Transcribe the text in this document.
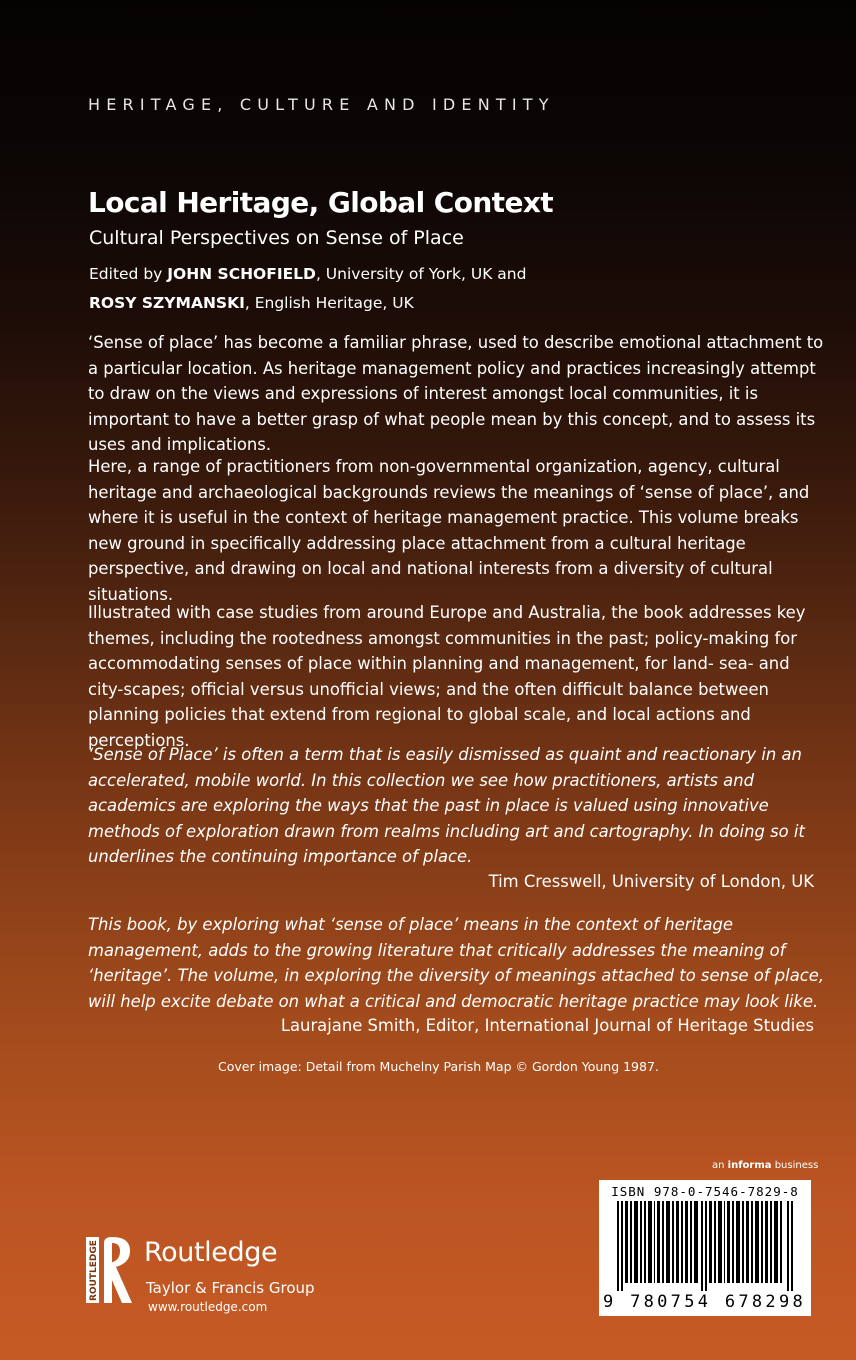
HERITAGE, CULTURE AND IDENTITY
Local Heritage, Global Context
Cultural Perspectives on Sense of Place
Edited by JOHN SCHOFIELD, University of York, UK and
ROSY SZYMANSKI, English Heritage, UK

‘Sense of place’ has become a familiar phrase, used to describe emotional attachment to a particular location. As heritage management policy and practices increasingly attempt to draw on the views and expressions of interest amongst local communities, it is important to have a better grasp of what people mean by this concept, and to assess its uses and implications.

Here, a range of practitioners from non-governmental organization, agency, cultural heritage and archaeological backgrounds reviews the meanings of ‘sense of place’, and where it is useful in the context of heritage management practice. This volume breaks new ground in specifically addressing place attachment from a cultural heritage perspective, and drawing on local and national interests from a diversity of cultural situations.

Illustrated with case studies from around Europe and Australia, the book addresses key themes, including the rootedness amongst communities in the past; policy-making for accommodating senses of place within planning and management, for land- sea- and city-scapes; official versus unofficial views; and the often difficult balance between planning policies that extend from regional to global scale, and local actions and perceptions.

‘Sense of Place’ is often a term that is easily dismissed as quaint and reactionary in an accelerated, mobile world. In this collection we see how practitioners, artists and academics are exploring the ways that the past in place is valued using innovative methods of exploration drawn from realms including art and cartography. In doing so it underlines the continuing importance of place.

Tim Cresswell, University of London, UK

This book, by exploring what ‘sense of place’ means in the context of heritage management, adds to the growing literature that critically addresses the meaning of ‘heritage’. The volume, in exploring the diversity of meanings attached to sense of place, will help excite debate on what a critical and democratic heritage practice may look like.

Laurajane Smith, Editor, International Journal of Heritage Studies
Cover image: Detail from Muchelny Parish Map © Gordon Young 1987.
an informa business
ISBN 978-0-7546-7829-8
9 780754 678298
ROUTLEDGE Routledge
Taylor & Francis Group
www.routledge.com
